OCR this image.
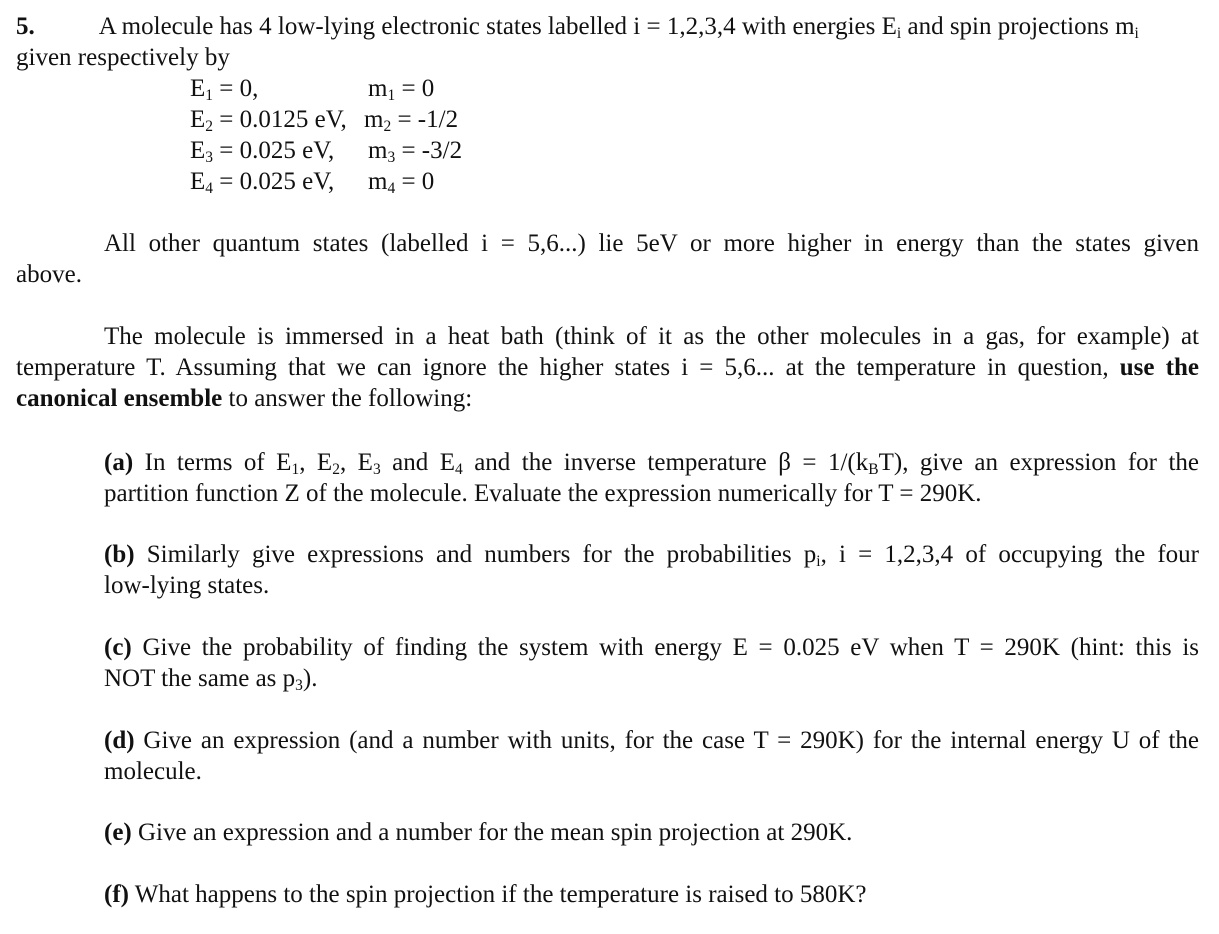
5.	A molecule has 4 low-lying electronic states labelled i = 1,2,3,4 with energies $E_i$ and spin projections $m_i$
given respectively by
$E_1 = 0$,	$m_1 = 0$
$E_2 = 0.0125$ eV, $m_2 = -1/2$
$E_3 = 0.025$ eV, $m_3 = -3/2$
$E_4 = 0.025$ eV, $m_4 = 0$
All other quantum states (labelled i = 5,6...) lie 5eV or more higher in energy than the states given
above.
The molecule is immersed in a heat bath (think of it as the other molecules in a gas, for example) at
temperature T. Assuming that we can ignore the higher states i = 5,6... at the temperature in question, use the
canonical ensemble to answer the following:
(a) In terms of $E_1$, $E_2$, $E_3$ and $E_4$ and the inverse temperature $\beta = 1/(k_BT)$, give an expression for the
partition function Z of the molecule. Evaluate the expression numerically for T = 290K.
(b) Similarly give expressions and numbers for the probabilities $p_i$, i = 1,2,3,4 of occupying the four
low-lying states.
(c) Give the probability of finding the system with energy E = 0.025 eV when T = 290K (hint: this is
NOT the same as $p_3$).
(d) Give an expression (and a number with units, for the case T = 290K) for the internal energy U of the
molecule.
(e) Give an expression and a number for the mean spin projection at 290K.
(f) What happens to the spin projection if the temperature is raised to 580K?
